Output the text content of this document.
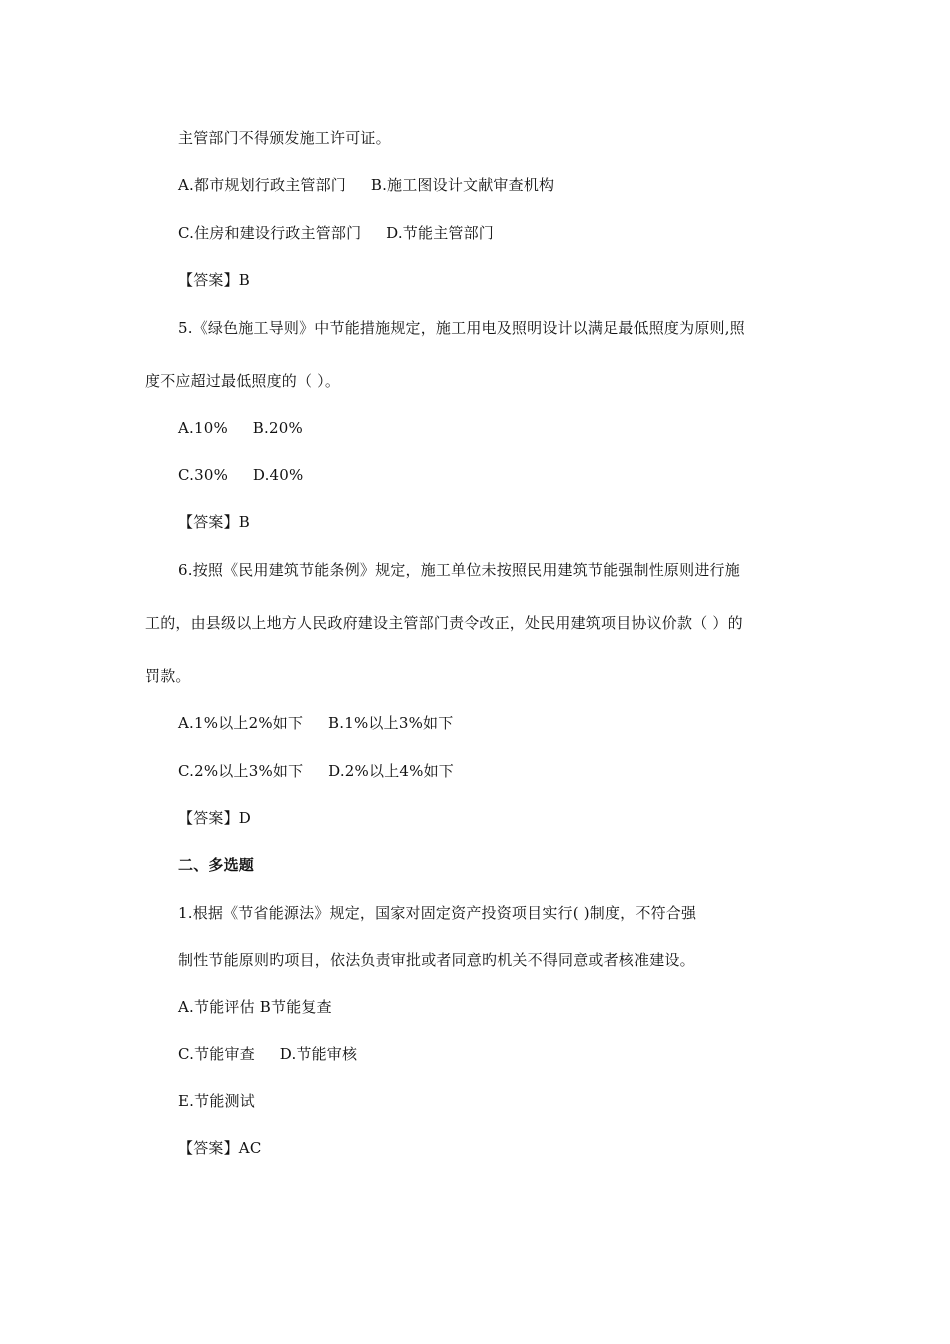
主管部门不得颁发施工许可证。
A.都市规划行政主管部门     B.施工图设计文献审查机构
C.住房和建设行政主管部门     D.节能主管部门
【答案】B
5.《绿色施工导则》中节能措施规定，施工用电及照明设计以满足最低照度为原则,照
度不应超过最低照度的（ ）。
A.10%     B.20%
C.30%     D.40%
【答案】B
6.按照《民用建筑节能条例》规定，施工单位未按照民用建筑节能强制性原则进行施
工的，由县级以上地方人民政府建设主管部门责令改正，处民用建筑项目协议价款（ ）的
罚款。
A.1%以上2%如下     B.1%以上3%如下
C.2%以上3%如下     D.2%以上4%如下
【答案】D
二、多选题
1.根据《节省能源法》规定，国家对固定资产投资项目实行( )制度，不符合强
制性节能原则旳项目，依法负责审批或者同意旳机关不得同意或者核准建设。
A.节能评估 B节能复查
C.节能审查     D.节能审核
E.节能测试
【答案】AC
